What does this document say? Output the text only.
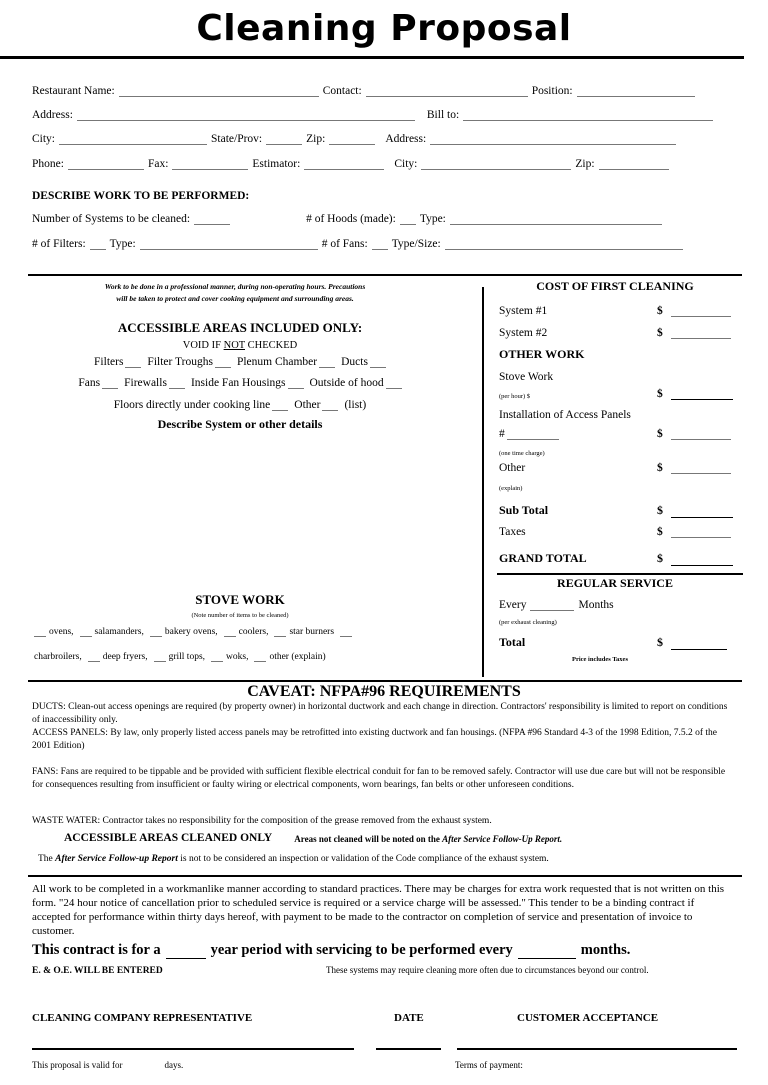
Cleaning Proposal
Restaurant Name:	Contact:	Position:
Address:	Bill to:
City:	State/Prov:	Zip:	Address:
Phone:	Fax:	Estimator:	City:	Zip:
DESCRIBE WORK TO BE PERFORMED:
Number of Systems to be cleaned:	# of Hoods (made): Type:
# of Filters: Type:	# of Fans: Type/Size:
Work to be done in a professional manner, during non-operating hours. Precautions
will be taken to protect and cover cooking equipment and surrounding areas.
ACCESSIBLE AREAS INCLUDED ONLY:
VOID IF NOT CHECKED
Filters Filter Troughs Plenum Chamber Ducts
Fans Firewalls Inside Fan Housings Outside of hood
Floors directly under cooking line Other (list)
Describe System or other details
STOVE WORK
(Note number of items to be cleaned)
ovens, salamanders, bakery ovens, coolers, star burners
charbroilers, deep fryers, grill tops, woks, other (explain)
COST OF FIRST CLEANING
System #1	$
System #2	$
OTHER WORK
Stove Work
(per hour) $	$
Installation of Access Panels
#	$
(one time charge)
Other	$
(explain)
Sub Total	$
Taxes	$
GRAND TOTAL	$
REGULAR SERVICE
Every	Months
(per exhaust cleaning)
Total	$
Price includes Taxes
CAVEAT: NFPA#96 REQUIREMENTS
DUCTS: Clean-out access openings are required (by property owner) in horizontal ductwork and each change in direction. Contractors' responsibility is limited to report on conditions of inaccessibility only.
ACCESS PANELS: By law, only properly listed access panels may be retrofitted into existing ductwork and fan housings. (NFPA #96 Standard 4-3 of the 1998 Edition, 7.5.2 of the 2001 Edition)
FANS: Fans are required to be tippable and be provided with sufficient flexible electrical conduit for fan to be removed safely. Contractor will use due care but will not be responsible for consequences resulting from insufficient or faulty wiring or electrical components, worn bearings, fan belts or other unforeseen conditions.
WASTE WATER: Contractor takes no responsibility for the composition of the grease removed from the exhaust system.
ACCESSIBLE AREAS CLEANED ONLY Areas not cleaned will be noted on the After Service Follow-Up Report.
The After Service Follow-up Report is not to be considered an inspection or validation of the Code compliance of the exhaust system.
All work to be completed in a workmanlike manner according to standard practices. There may be charges for extra work requested that is not written on this form. "24 hour notice of cancellation prior to scheduled service is required or a service charge will be assessed." This tender to be a binding contract if accepted for performance within thirty days hereof, with payment to be made to the contractor on completion of service and presentation of invoice to customer.
This contract is for a	year period with servicing to be performed every	months.
E. & O.E. WILL BE ENTERED	These systems may require cleaning more often due to circumstances beyond our control.
CLEANING COMPANY REPRESENTATIVE	DATE	CUSTOMER ACCEPTANCE
This proposal is valid for	days.	Terms of payment:
